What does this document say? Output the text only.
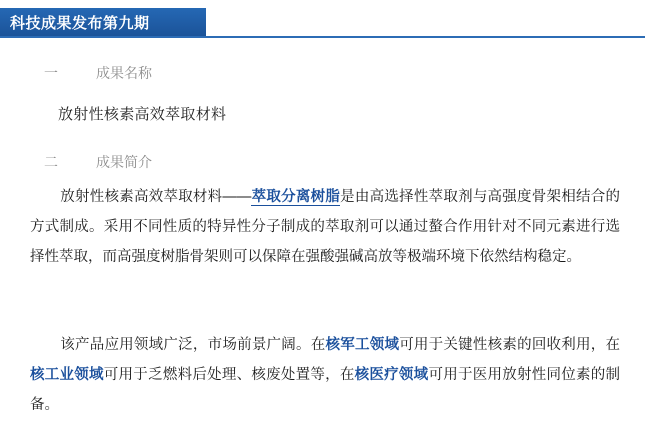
科技成果发布第九期
一	成果名称
放射性核素高效萃取材料
二	成果简介
放射性核素高效萃取材料——萃取分离树脂是由高选择性萃取剂与高强度骨架相结合的方式制成。采用不同性质的特异性分子制成的萃取剂可以通过螯合作用针对不同元素进行选择性萃取，而高强度树脂骨架则可以保障在强酸强碱高放等极端环境下依然结构稳定。
该产品应用领域广泛，市场前景广阔。在核军工领域可用于关键性核素的回收利用，在核工业领域可用于乏燃料后处理、核废处置等，在核医疗领域可用于医用放射性同位素的制备。
